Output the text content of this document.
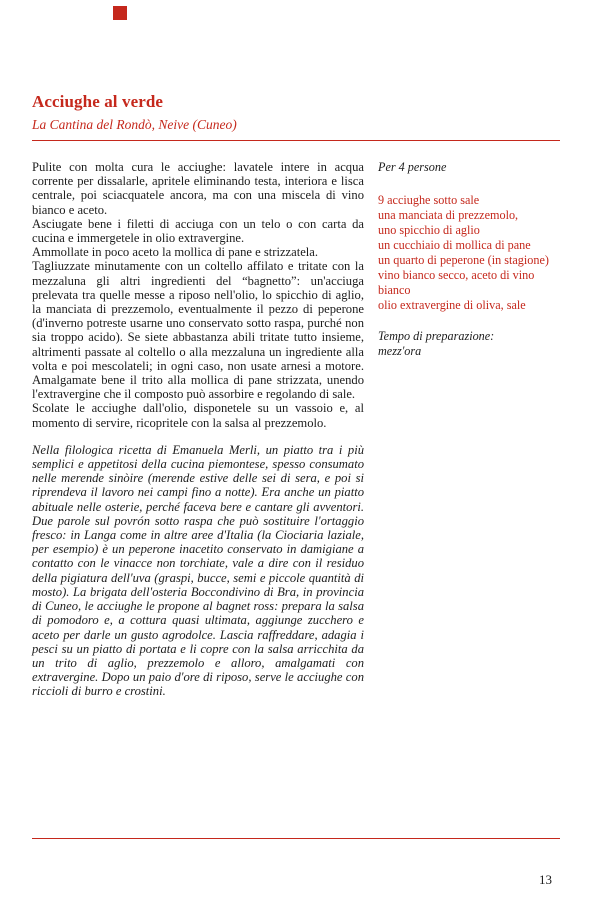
Acciughe al verde
La Cantina del Rondò, Neive (Cuneo)

Pulite con molta cura le acciughe: lavatele intere in acqua corrente per dissalarle, apritele eliminando testa, interiora e lisca centrale, poi sciacquatele ancora, ma con una miscela di vino bianco e aceto.

Asciugate bene i filetti di acciuga con un telo o con carta da cucina e immergetele in olio extravergine.

Ammollate in poco aceto la mollica di pane e strizzatela.

Tagliuzzate minutamente con un coltello affilato e tritate con la mezzaluna gli altri ingredienti del “bagnetto”: un'acciuga prelevata tra quelle messe a riposo nell'olio, lo spicchio di aglio, la manciata di prezzemolo, eventualmente il pezzo di peperone (d'inverno potreste usarne uno conservato sotto raspa, purché non sia troppo acido). Se siete abbastanza abili tritate tutto insieme, altrimenti passate al coltello o alla mezzaluna un ingrediente alla volta e poi mescolateli; in ogni caso, non usate arnesi a motore. Amalgamate bene il trito alla mollica di pane strizzata, unendo l'extravergine che il composto può assorbire e regolando di sale.

Scolate le acciughe dall'olio, disponetele su un vassoio e, al momento di servire, ricopritele con la salsa al prezzemolo.

Nella filologica ricetta di Emanuela Merli, un piatto tra i più semplici e appetitosi della cucina piemontese, spesso consumato nelle merende sinòire (merende estive delle sei di sera, e poi si riprendeva il lavoro nei campi fino a notte). Era anche un piatto abituale nelle osterie, perché faceva bere e cantare gli avventori. Due parole sul povrón sotto raspa che può sostituire l'ortaggio fresco: in Langa come in altre aree d'Italia (la Ciociaria laziale, per esempio) è un peperone inacetito conservato in damigiane a contatto con le vinacce non torchiate, vale a dire con il residuo della pigiatura dell'uva (graspi, bucce, semi e piccole quantità di mosto). La brigata dell'osteria Boccondivino di Bra, in provincia di Cuneo, le acciughe le propone al bagnet ross: prepara la salsa di pomodoro e, a cottura quasi ultimata, aggiunge zucchero e aceto per darle un gusto agrodolce. Lascia raffreddare, adagia i pesci su un piatto di portata e li copre con la salsa arricchita da un trito di aglio, prezzemolo e alloro, amalgamati con extravergine. Dopo un paio d'ore di riposo, serve le acciughe con riccioli di burro e crostini.

Per 4 persone
9 acciughe sotto sale
una manciata di prezzemolo,
uno spicchio di aglio
un cucchiaio di mollica di pane
un quarto di peperone (in stagione)
vino bianco secco, aceto di vino bianco
olio extravergine di oliva, sale
Tempo di preparazione:
mezz'ora
13
